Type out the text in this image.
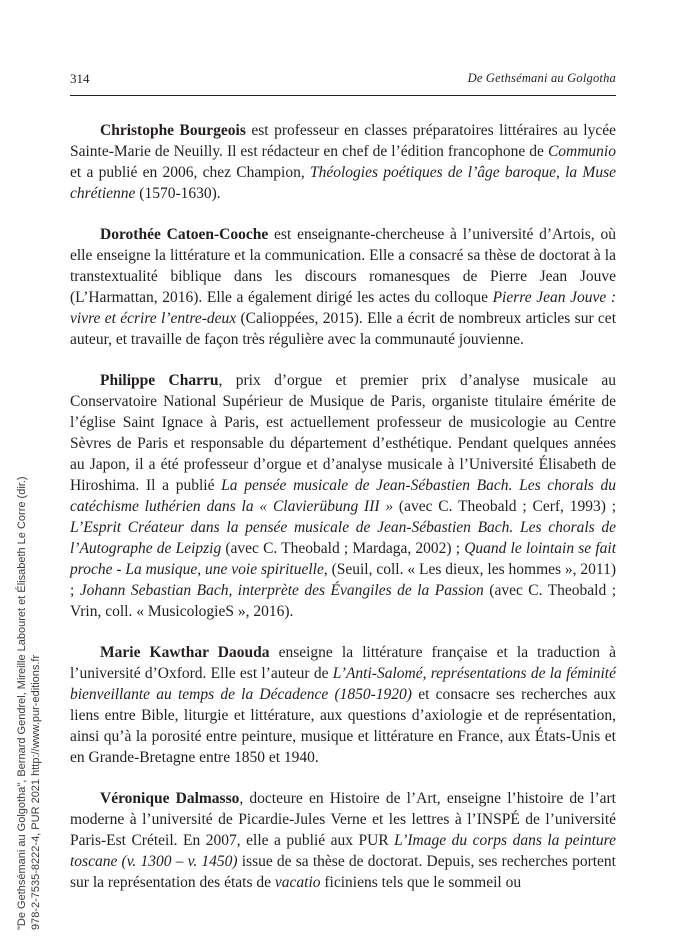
314	De Gethsémani au Golgotha

Christophe Bourgeois est professeur en classes préparatoires littéraires au lycée Sainte-Marie de Neuilly. Il est rédacteur en chef de l’édition francophone de Communio et a publié en 2006, chez Champion, Théologies poétiques de l’âge baroque, la Muse chrétienne (1570-1630).

Dorothée Catoen-Cooche est enseignante-chercheuse à l’université d’Artois, où elle enseigne la littérature et la communication. Elle a consacré sa thèse de doctorat à la transtextualité biblique dans les discours romanesques de Pierre Jean Jouve (L’Harmattan, 2016). Elle a également dirigé les actes du colloque Pierre Jean Jouve : vivre et écrire l’entre-deux (Calioppées, 2015). Elle a écrit de nombreux articles sur cet auteur, et travaille de façon très régulière avec la communauté jouvienne.

Philippe Charru, prix d’orgue et premier prix d’analyse musicale au Conservatoire National Supérieur de Musique de Paris, organiste titulaire émérite de l’église Saint Ignace à Paris, est actuellement professeur de musicologie au Centre Sèvres de Paris et responsable du département d’esthétique. Pendant quelques années au Japon, il a été professeur d’orgue et d’analyse musicale à l’Université Élisabeth de Hiroshima. Il a publié La pensée musicale de Jean-Sébastien Bach. Les chorals du catéchisme luthérien dans la « Clavierübung III » (avec C. Theobald ; Cerf, 1993) ; L’Esprit Créateur dans la pensée musicale de Jean-Sébastien Bach. Les chorals de l’Autographe de Leipzig (avec C. Theobald ; Mardaga, 2002) ; Quand le lointain se fait proche - La musique, une voie spirituelle, (Seuil, coll. « Les dieux, les hommes », 2011) ; Johann Sebastian Bach, interprète des Évangiles de la Passion (avec C. Theobald ; Vrin, coll. « MusicologieS », 2016).

Marie Kawthar Daouda enseigne la littérature française et la traduction à l’université d’Oxford. Elle est l’auteur de L’Anti-Salomé, représentations de la féminité bienveillante au temps de la Décadence (1850-1920) et consacre ses recherches aux liens entre Bible, liturgie et littérature, aux questions d’axiologie et de représentation, ainsi qu’à la porosité entre peinture, musique et littérature en France, aux États-Unis et en Grande-Bretagne entre 1850 et 1940.

Véronique Dalmasso, docteure en Histoire de l’Art, enseigne l’histoire de l’art moderne à l’université de Picardie-Jules Verne et les lettres à l’INSPÉ de l’université Paris-Est Créteil. En 2007, elle a publié aux PUR L’Image du corps dans la peinture toscane (v. 1300 – v. 1450) issue de sa thèse de doctorat. Depuis, ses recherches portent sur la représentation des états de vacatio ficiniens tels que le sommeil ou

"De Gethsémani au Golgotha", Bernard Gendrel, Mireille Labouret et Élisabeth Le Corre (dir.) 978-2-7535-8222-4, PUR 2021 http://www.pur-editions.fr
